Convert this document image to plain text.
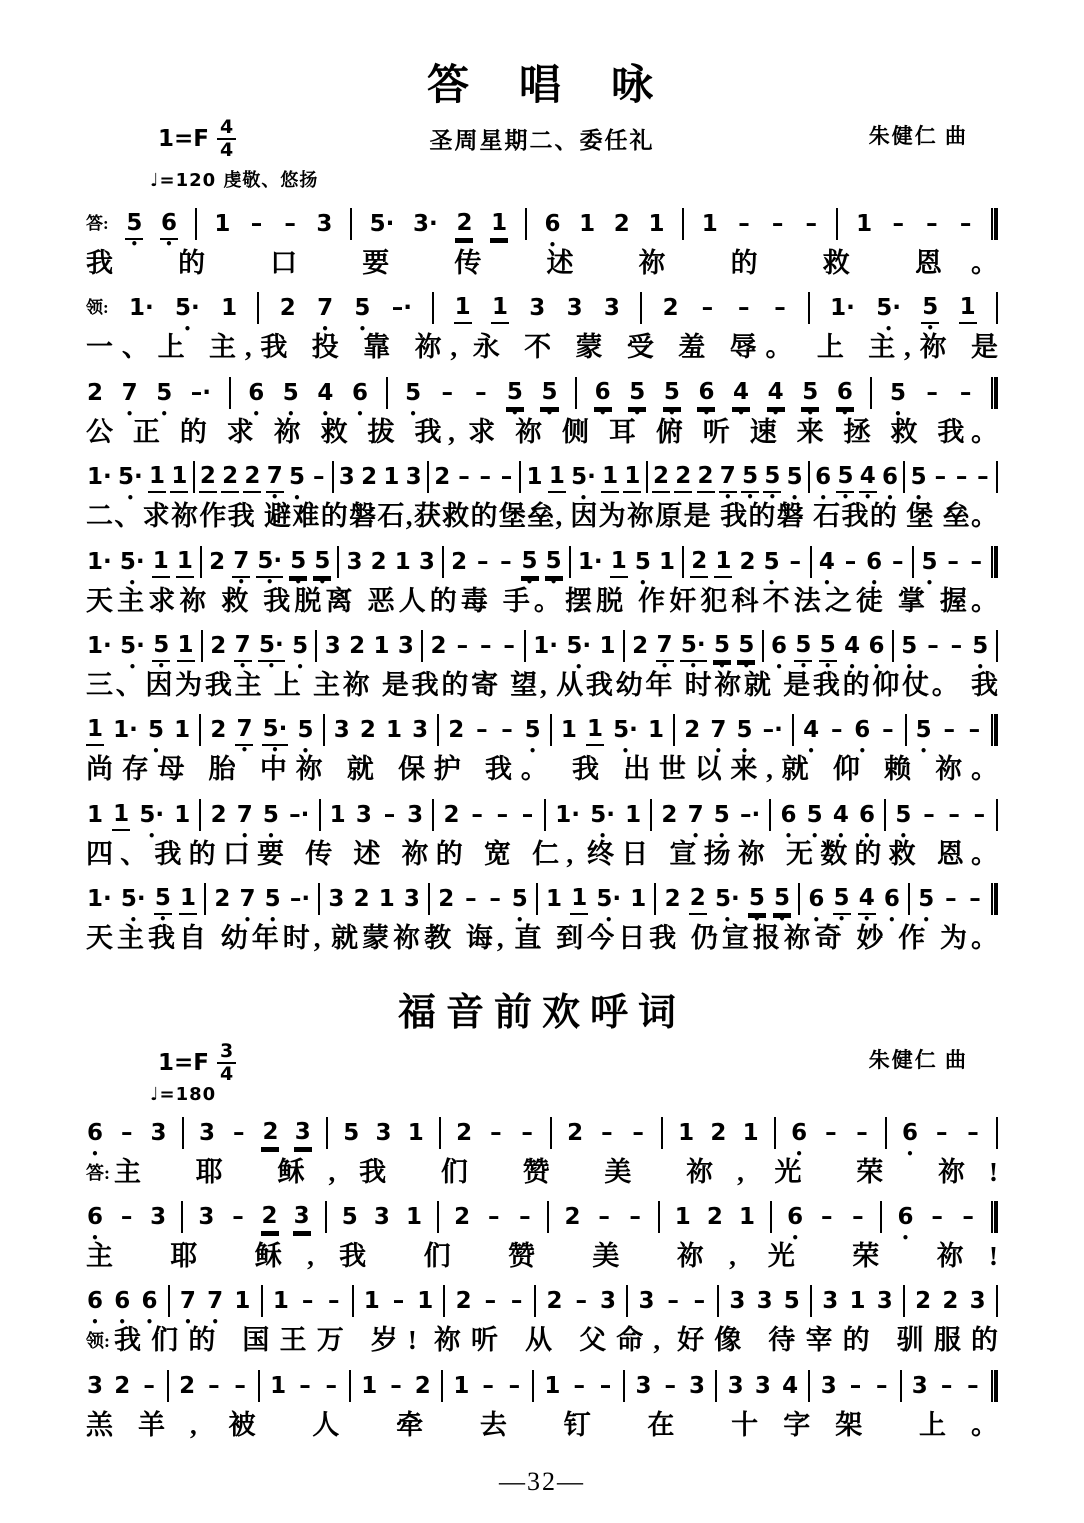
答　唱　咏
$1=F \frac{4}{4}$	圣周星期二、委任礼	朱健仁 曲
♩=120 虔敬、悠扬
答: 5 • 6 • 1 – – 3 5· 3· 2 1 6 • 1 2 1 1 – – – 1 – – –
我 的 口 要 传 述 祢 的 救 恩。
领: 1· 5· • 1 2 7 • 5 • –· 1 1 3 3 3 2 – – – 1· 5· • 5 • 1
一、上 主,我 投 靠 祢, 永 不 蒙 受 羞 辱。 上 主,祢 是
2 7 • 5 • –· 6 • 5 • 4 • 6 • 5 • – – 5 • 5 • 6 • 5 • 5 • 6 • 4 • 4 • 5 • 6 • 5 • – –
公 正 的 求 祢 救 拔 我, 求 祢 侧 耳 俯 听 速 来 拯 救 我。
1· 5· • 1 1 2 2 2 7 • 5 • – 3 2 1 3 2 – – – 1 1 5· • 1 1 2 2 2 7 • 5 • 5 • 5 • 6 • 5 • 4 • 6 • 5 • – – –
二、求祢作我 避难的磐石,获救的堡垒, 因为祢原是 我的磐 石我的 堡 垒。
1· 5· • 1 1 2 7 • 5· • 5 • 5 • 3 2 1 3 2 – – 5 • 5 • 1· 1 5 • 1 2 1 2 5 • – 4 • – 6 • – 5 • – –
天主求祢 救 我脱离 恶人的毒 手。摆脱 作奸犯科不法之徒 掌 握。
1· 5· • 5 • 1 2 7 • 5· • 5 • 3 2 1 3 2 – – – 1· 5· • 1 2 7 • 5· • 5 • 5 • 6 • 5 • 5 • 4 • 6 • 5 • – – 5 •
三、因为我主 上 主祢 是我的寄 望, 从我幼年 时祢就 是我的仰仗。 我
1 1· 5 • 1 2 7 • 5· • 5 • 3 2 1 3 2 – – 5 • 1 1 5· • 1 2 7 • 5 • –· 4 • – 6 • – 5 • – –
尚存母 胎 中祢 就 保护 我。 我 出世以来,就 仰 赖 祢。
1 1 5· • 1 2 7 • 5 • –· 1 3 – 3 2 – – – 1· 5· • 1 2 7 • 5 • –· 6 • 5 • 4 • 6 • 5 • – – –
四、我的口要 传 述 祢的 宽 仁, 终日 宣扬祢 无数的救 恩。
1· 5· • 5 • 1 2 7 • 5 • –· 3 2 1 3 2 – – 5 • 1 1 5· • 1 2 2 5· • 5 • 5 • 6 • 5 • 4 • 6 • 5 • – –
天主我自 幼年时, 就蒙祢教 诲, 直 到今日我 仍宣报祢奇 妙 作 为。
福音前欢呼词
$1=F \frac{3}{4}$	朱健仁 曲
♩=180
6 • – 3 3 – 2 3 5 3 1 2 – – 2 – – 1 2 1 6 • – – 6 • – –
答: 主 耶 稣,我 们 赞 美 祢, 光 荣 祢!
6 • – 3 3 – 2 3 5 3 1 2 – – 2 – – 1 2 1 6 • – – 6 • – –
主 耶 稣,我 们 赞 美 祢, 光 荣 祢!
6 • 6 • 6 • 7 • 7 • 1 1 – – 1 – 1 2 – – 2 – 3 3 – – 3 3 5 3 1 3 2 2 3
领: 我们的 国王万 岁! 祢听 从 父命, 好像 待宰的 驯服的
3 2 – 2 – – 1 – – 1 – 2 1 – – 1 – – 3 – 3 3 3 4 3 – – 3 – –
羔羊, 被 人 牵 去 钉 在 十字架 上。
—32—
